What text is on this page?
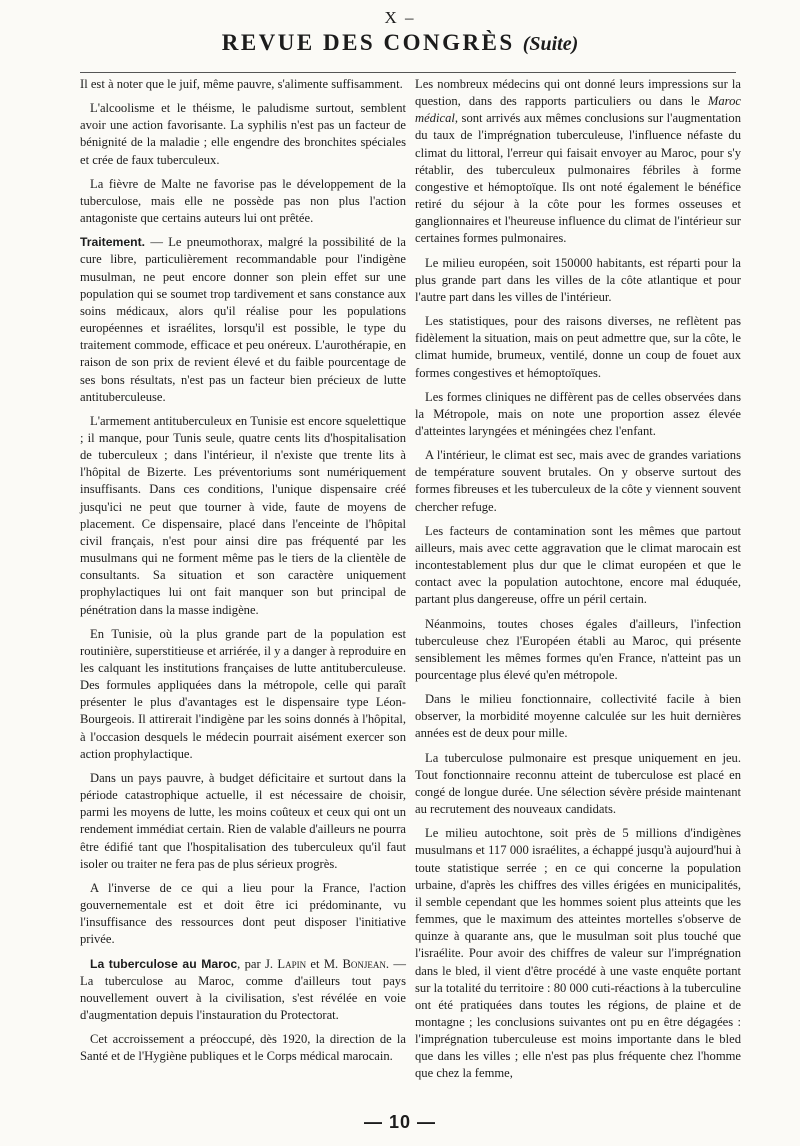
X –
REVUE DES CONGRÈS (Suite)

Il est à noter que le juif, même pauvre, s'alimente suffisamment.

L'alcoolisme et le théisme, le paludisme surtout, semblent avoir une action favorisante. La syphilis n'est pas un facteur de bénignité de la maladie ; elle engendre des bronchites spéciales et crée de faux tuberculeux.

La fièvre de Malte ne favorise pas le développement de la tuberculose, mais elle ne possède pas non plus l'action antagoniste que certains auteurs lui ont prêtée.

Traitement. — Le pneumothorax, malgré la possibilité de la cure libre, particulièrement recommandable pour l'indigène musulman, ne peut encore donner son plein effet sur une population qui se soumet trop tardivement et sans constance aux soins médicaux, alors qu'il réalise pour les populations européennes et israélites, lorsqu'il est possible, le type du traitement commode, efficace et peu onéreux. L'aurothérapie, en raison de son prix de revient élevé et du faible pourcentage de ses bons résultats, n'est pas un facteur bien précieux de lutte antituberculeuse.

L'armement antituberculeux en Tunisie est encore squelettique ; il manque, pour Tunis seule, quatre cents lits d'hospitalisation de tuberculeux ; dans l'intérieur, il n'existe que trente lits à l'hôpital de Bizerte. Les préventoriums sont numériquement insuffisants. Dans ces conditions, l'unique dispensaire créé jusqu'ici ne peut que tourner à vide, faute de moyens de placement. Ce dispensaire, placé dans l'enceinte de l'hôpital civil français, n'est pour ainsi dire pas fréquenté par les musulmans qui ne forment même pas le tiers de la clientèle de consultants. Sa situation et son caractère uniquement prophylactiques lui ont fait manquer son but principal de pénétration dans la masse indigène.

En Tunisie, où la plus grande part de la population est routinière, superstitieuse et arriérée, il y a danger à reproduire en les calquant les institutions françaises de lutte antituberculeuse. Des formules appliquées dans la métropole, celle qui paraît présenter le plus d'avantages est le dispensaire type Léon-Bourgeois. Il attirerait l'indigène par les soins donnés à l'hôpital, à l'occasion desquels le médecin pourrait aisément exercer son action prophylactique.

Dans un pays pauvre, à budget déficitaire et surtout dans la période catastrophique actuelle, il est nécessaire de choisir, parmi les moyens de lutte, les moins coûteux et ceux qui ont un rendement immédiat certain. Rien de valable d'ailleurs ne pourra être édifié tant que l'hospitalisation des tuberculeux qu'il faut isoler ou traiter ne fera pas de plus sérieux progrès.

A l'inverse de ce qui a lieu pour la France, l'action gouvernementale est et doit être ici prédominante, vu l'insuffisance des ressources dont peut disposer l'initiative privée.

La tuberculose au Maroc, par J. Lapin et M. Bonjean. — La tuberculose au Maroc, comme d'ailleurs tout pays nouvellement ouvert à la civilisation, s'est révélée en voie d'augmentation depuis l'instauration du Protectorat.

Cet accroissement a préoccupé, dès 1920, la direction de la Santé et de l'Hygiène publiques et le Corps médical marocain.

Les nombreux médecins qui ont donné leurs impressions sur la question, dans des rapports particuliers ou dans le Maroc médical, sont arrivés aux mêmes conclusions sur l'augmentation du taux de l'imprégnation tuberculeuse, l'influence néfaste du climat du littoral, l'erreur qui faisait envoyer au Maroc, pour s'y rétablir, des tuberculeux pulmonaires fébriles à forme congestive et hémoptoïque. Ils ont noté également le bénéfice retiré du séjour à la côte pour les formes osseuses et ganglionnaires et l'heureuse influence du climat de l'intérieur sur certaines formes pulmonaires.

Le milieu européen, soit 150000 habitants, est réparti pour la plus grande part dans les villes de la côte atlantique et pour l'autre part dans les villes de l'intérieur.

Les statistiques, pour des raisons diverses, ne reflètent pas fidèlement la situation, mais on peut admettre que, sur la côte, le climat humide, brumeux, ventilé, donne un coup de fouet aux formes congestives et hémoptoïques.

Les formes cliniques ne diffèrent pas de celles observées dans la Métropole, mais on note une proportion assez élevée d'atteintes laryngées et méningées chez l'enfant.

A l'intérieur, le climat est sec, mais avec de grandes variations de température souvent brutales. On y observe surtout des formes fibreuses et les tuberculeux de la côte y viennent souvent chercher refuge.

Les facteurs de contamination sont les mêmes que partout ailleurs, mais avec cette aggravation que le climat marocain est incontestablement plus dur que le climat européen et que le contact avec la population autochtone, encore mal éduquée, partant plus dangereuse, offre un péril certain.

Néanmoins, toutes choses égales d'ailleurs, l'infection tuberculeuse chez l'Européen établi au Maroc, qui présente sensiblement les mêmes formes qu'en France, n'atteint pas un pourcentage plus élevé qu'en métropole.

Dans le milieu fonctionnaire, collectivité facile à bien observer, la morbidité moyenne calculée sur les huit dernières années est de deux pour mille.

La tuberculose pulmonaire est presque uniquement en jeu. Tout fonctionnaire reconnu atteint de tuberculose est placé en congé de longue durée. Une sélection sévère préside maintenant au recrutement des nouveaux candidats.

Le milieu autochtone, soit près de 5 millions d'indigènes musulmans et 117 000 israélites, a échappé jusqu'à aujourd'hui à toute statistique serrée ; en ce qui concerne la population urbaine, d'après les chiffres des villes érigées en municipalités, il semble cependant que les hommes soient plus atteints que les femmes, que le maximum des atteintes mortelles s'observe de quinze à quarante ans, que le musulman soit plus touché que l'israélite. Pour avoir des chiffres de valeur sur l'imprégnation dans le bled, il vient d'être procédé à une vaste enquête portant sur la totalité du territoire : 80 000 cuti-réactions à la tuberculine ont été pratiquées dans toutes les régions, de plaine et de montagne ; les conclusions suivantes ont pu en être dégagées : l'imprégnation tuberculeuse est moins importante dans le bled que dans les villes ; elle n'est pas plus fréquente chez l'homme que chez la femme,

— 10 —
